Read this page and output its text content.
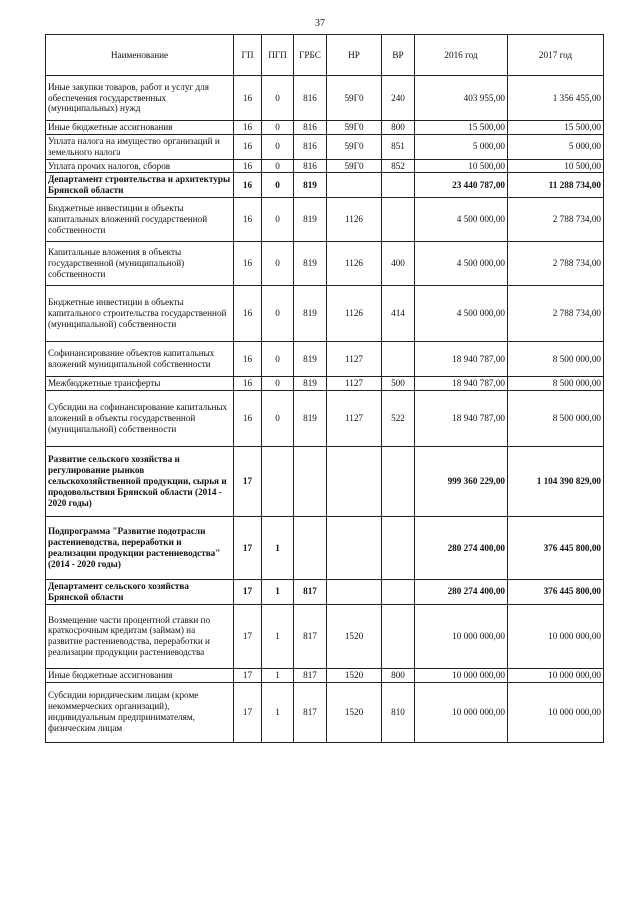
37
Наименование	ГП	ПГП	ГРБС	НР	ВР	2016 год	2017 год
Иные закупки товаров, работ и услуг для обеспечения государственных (муниципальных) нужд	16	0	816	59Г0	240	403 955,00	1 356 455,00
Иные бюджетные ассигнования	16	0	816	59Г0	800	15 500,00	15 500,00
Уплата налога на имущество организаций и земельного налога	16	0	816	59Г0	851	5 000,00	5 000,00
Уплата прочих налогов, сборов	16	0	816	59Г0	852	10 500,00	10 500,00
Департамент строительства и архитектуры Брянской области	16	0	819			23 440 787,00	11 288 734,00
Бюджетные инвестиции в объекты капитальных вложений государственной собственности	16	0	819	1126		4 500 000,00	2 788 734,00
Капитальные вложения в объекты государственной (муниципальной) собственности	16	0	819	1126	400	4 500 000,00	2 788 734,00
Бюджетные инвестиции в объекты капитального строительства государственной (муниципальной) собственности	16	0	819	1126	414	4 500 000,00	2 788 734,00
Софинансирование объектов капитальных вложений муниципальной собственности	16	0	819	1127		18 940 787,00	8 500 000,00
Межбюджетные трансферты	16	0	819	1127	500	18 940 787,00	8 500 000,00
Субсидии на софинансирование капитальных вложений в объекты государственной (муниципальной) собственности	16	0	819	1127	522	18 940 787,00	8 500 000,00
Развитие сельского хозяйства и регулирование рынков сельскохозяйственной продукции, сырья и продовольствия Брянской области (2014 - 2020 годы)	17					999 360 229,00	1 104 390 829,00
Подпрограмма "Развитие подотрасли растениеводства, переработки и реализации продукции растениеводства" (2014 - 2020 годы)	17	1				280 274 400,00	376 445 800,00
Департамент сельского хозяйства Брянской области	17	1	817			280 274 400,00	376 445 800,00
Возмещение части процентной ставки по краткосрочным кредитам (займам) на развитие растениеводства, переработки и реализации продукции растениеводства	17	1	817	1520		10 000 000,00	10 000 000,00
Иные бюджетные ассигнования	17	1	817	1520	800	10 000 000,00	10 000 000,00
Субсидии юридическим лицам (кроме некоммерческих организаций), индивидуальным предпринимателям, физическим лицам	17	1	817	1520	810	10 000 000,00	10 000 000,00
